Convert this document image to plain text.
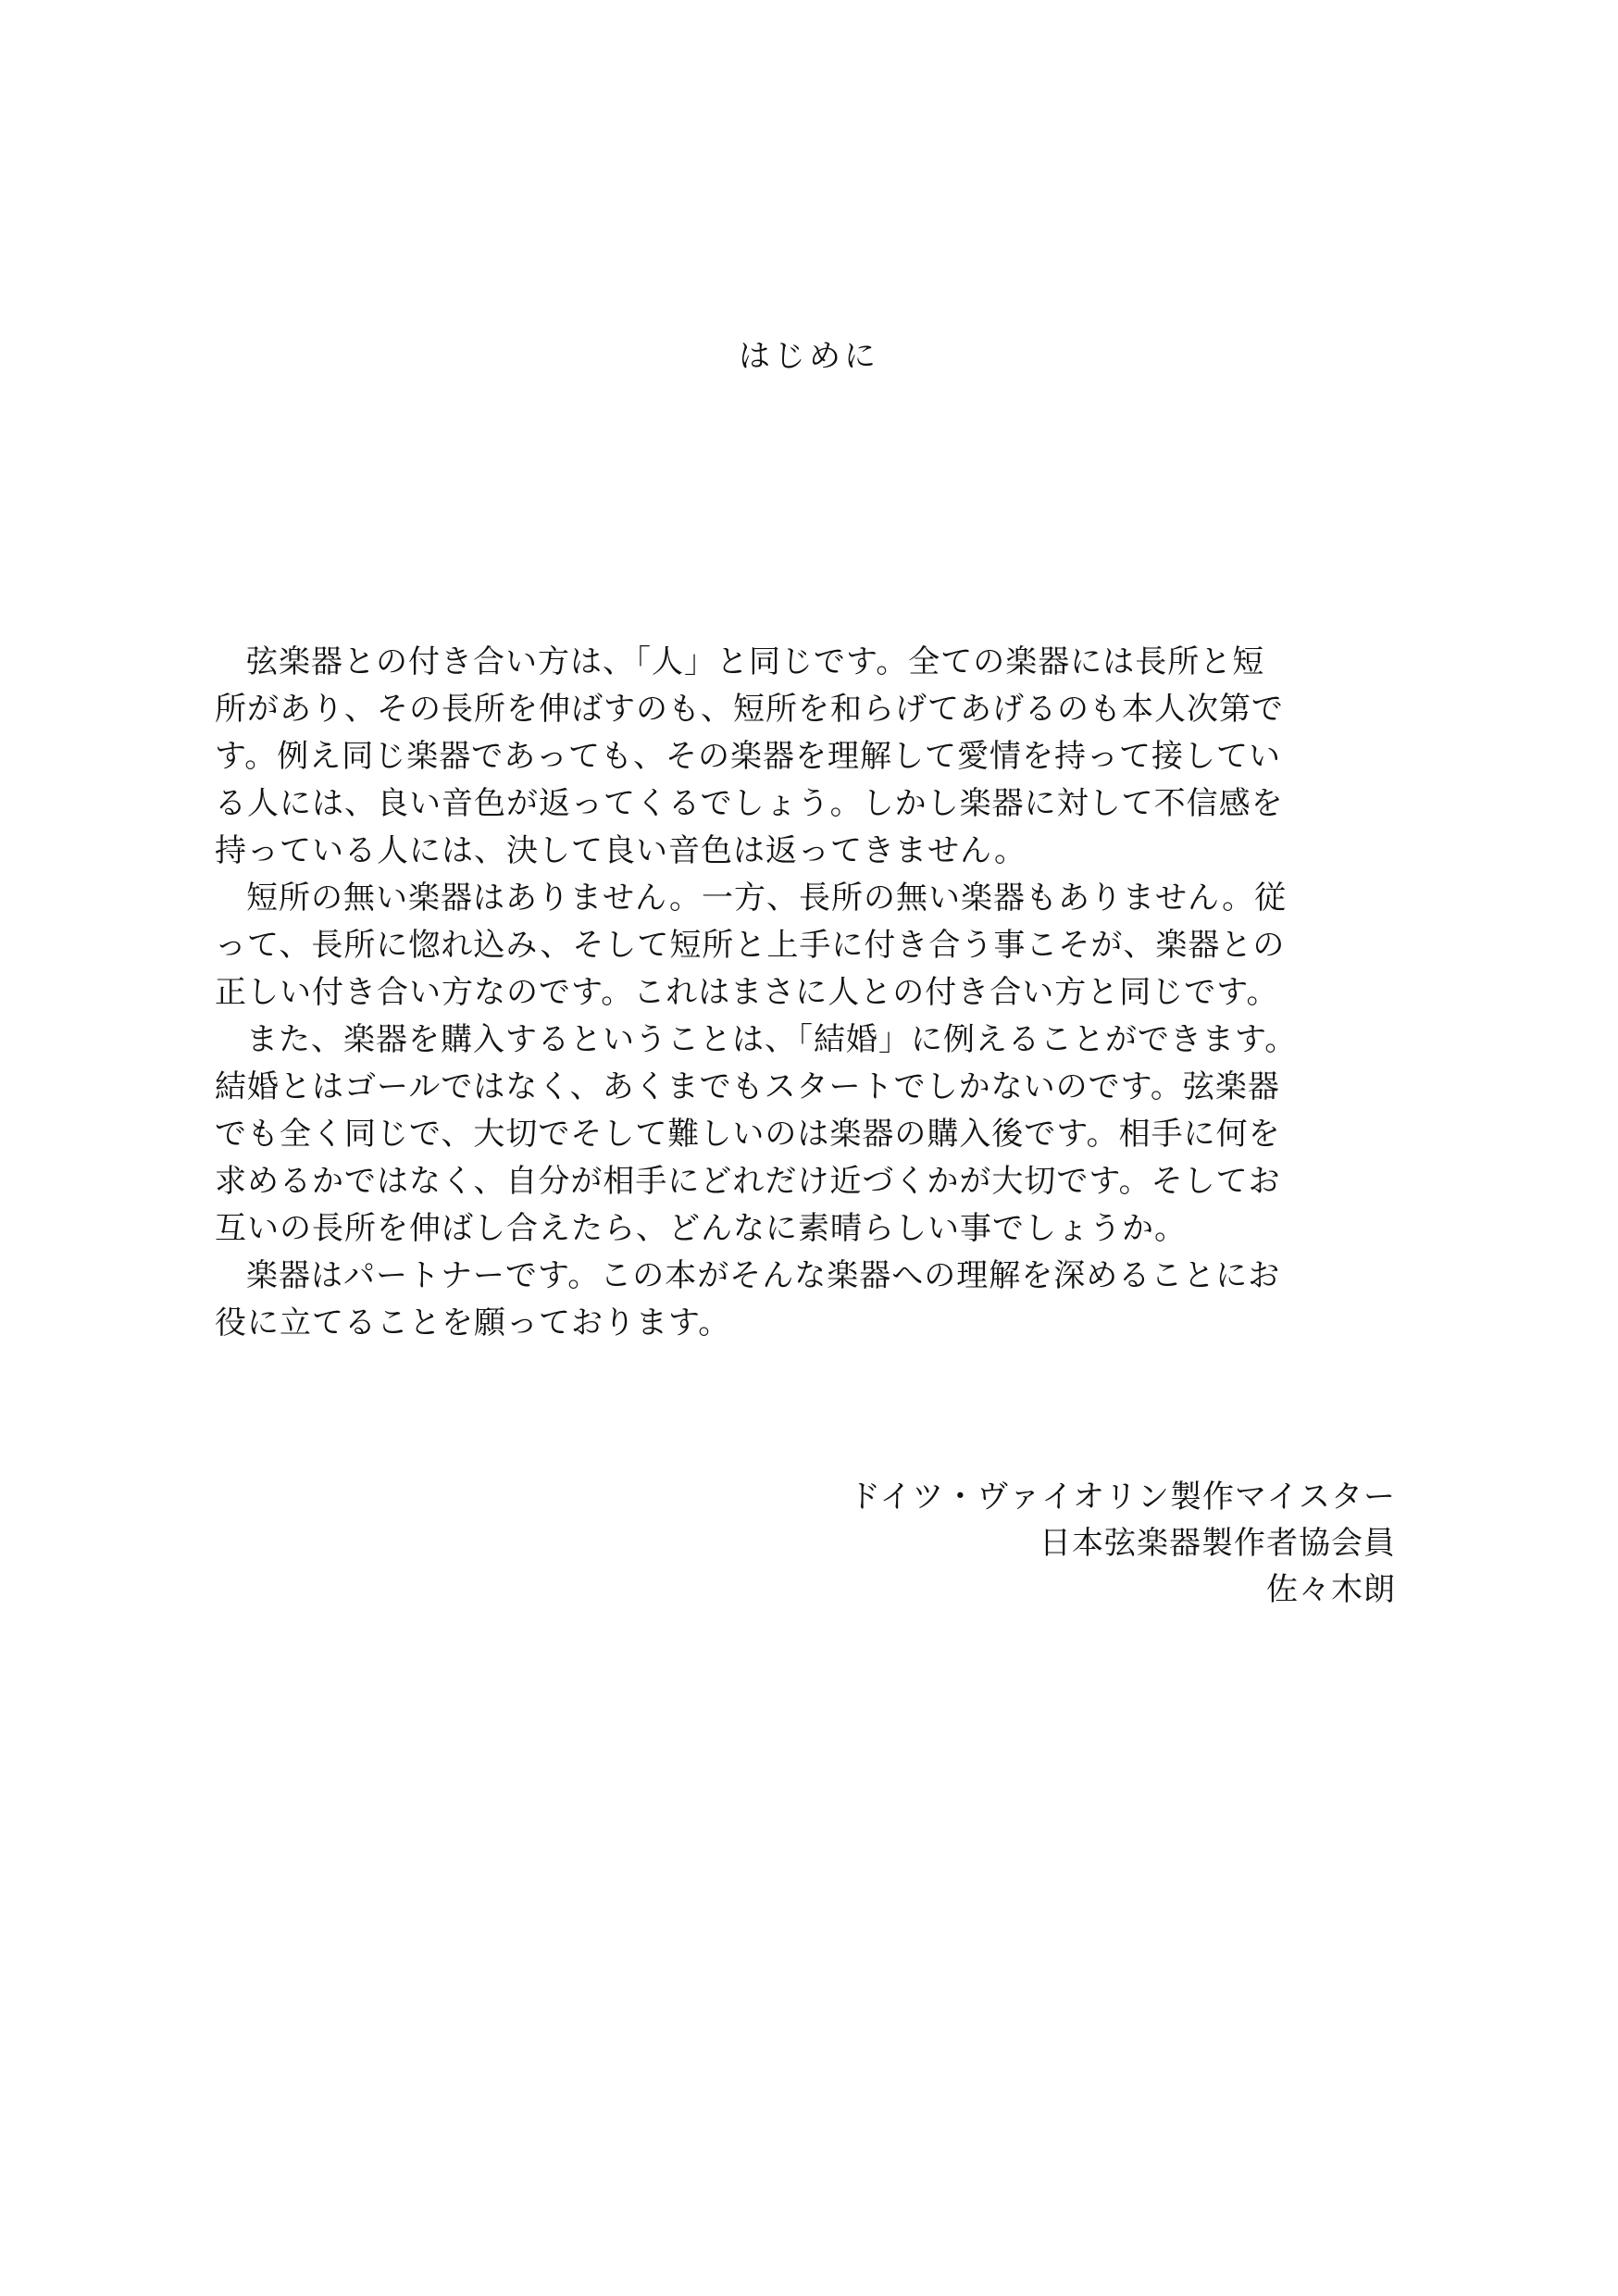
はじめに
弦楽器との付き合い方は、「人」と同じです。全ての楽器には長所と短
所があり、その長所を伸ばすのも、短所を和らげてあげるのも本人次第で
す。例え同じ楽器であっても、その楽器を理解して愛情を持って接してい
る人には、良い音色が返ってくるでしょう。しかし楽器に対して不信感を
持っている人には、決して良い音色は返ってきません。
短所の無い楽器はありません。一方、長所の無い楽器もありません。従
って、長所に惚れ込み、そして短所と上手に付き合う事こそが、楽器との
正しい付き合い方なのです。これはまさに人との付き合い方と同じです。
また、楽器を購入するということは、「結婚」に例えることができます。
結婚とはゴールではなく、あくまでもスタートでしかないのです。弦楽器
でも全く同じで、大切でそして難しいのは楽器の購入後です。相手に何を
求めるかではなく、自分が相手にどれだけ近づくかが大切です。そしてお
互いの長所を伸ばし合えたら、どんなに素晴らしい事でしょうか。
楽器はパートナーです。この本がそんな楽器への理解を深めることにお
役に立てることを願っております。
ドイツ・ヴァイオリン製作マイスター
日本弦楽器製作者協会員
佐々木朗
